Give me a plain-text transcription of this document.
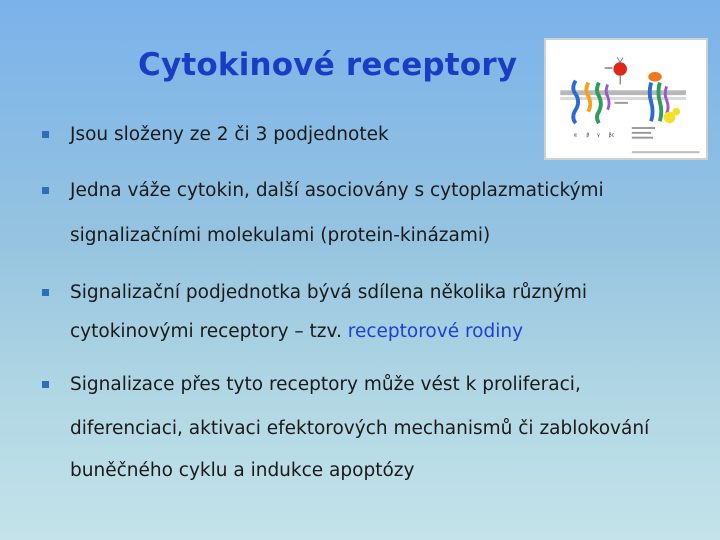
Cytokinové receptory
α β γ βc
Jsou složeny ze 2 či 3 podjednotek
Jedna váže cytokin, další asociovány s cytoplazmatickými
signalizačními molekulami (protein-kinázami)
Signalizační podjednotka bývá sdílena několika různými
cytokinovými receptory – tzv. receptorové rodiny
Signalizace přes tyto receptory může vést k proliferaci,
diferenciaci, aktivaci efektorových mechanismů či zablokování
buněčného cyklu a indukce apoptózy
